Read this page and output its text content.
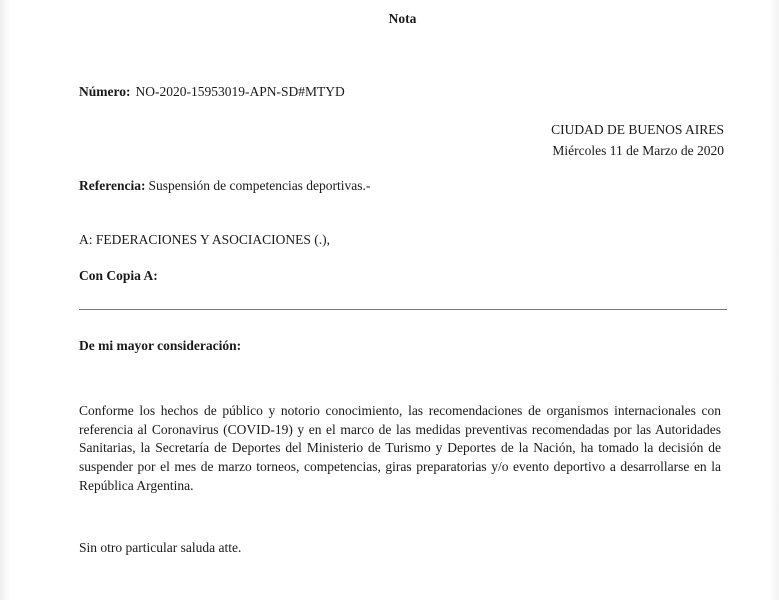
Nota
Número: NO-2020-15953019-APN-SD#MTYD
CIUDAD DE BUENOS AIRES
Miércoles 11 de Marzo de 2020
Referencia: Suspensión de competencias deportivas.-
A: FEDERACIONES Y ASOCIACIONES (.),
Con Copia A:
De mi mayor consideración:
Conforme los hechos de público y notorio conocimiento, las recomendaciones de organismos internacionales con
referencia al Coronavirus (COVID-19) y en el marco de las medidas preventivas recomendadas por las Autoridades
Sanitarias, la Secretaría de Deportes del Ministerio de Turismo y Deportes de la Nación, ha tomado la decisión de
suspender por el mes de marzo torneos, competencias, giras preparatorias y/o evento deportivo a desarrollarse en la
República Argentina.
Sin otro particular saluda atte.
